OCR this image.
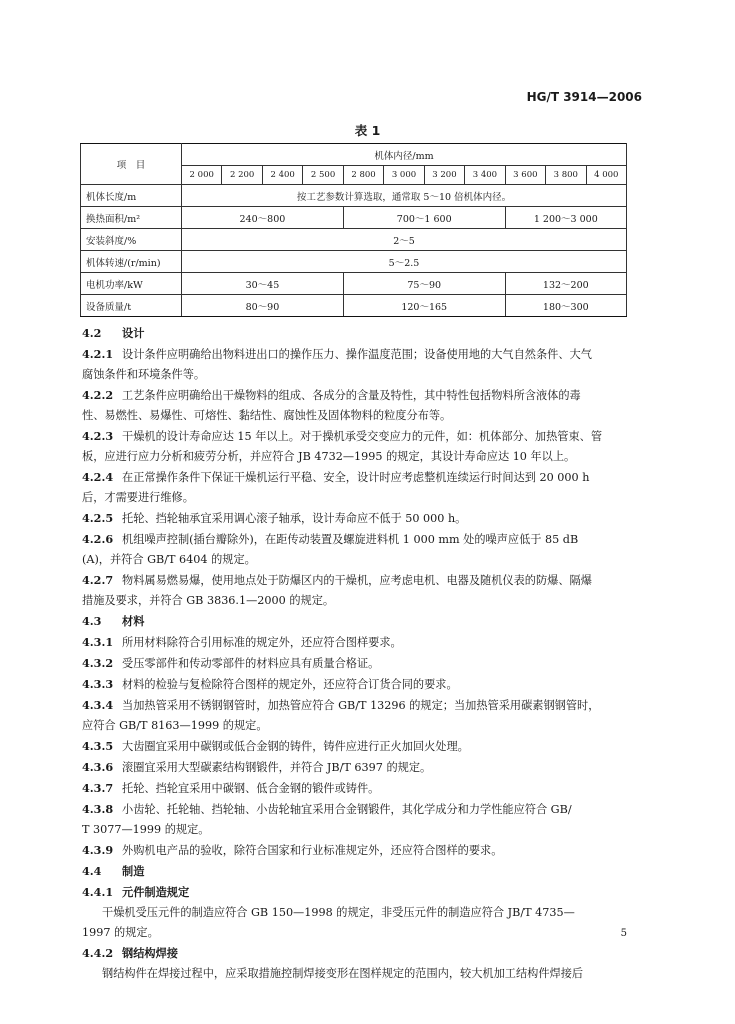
HG/T 3914—2006
表 1
项　目	机体内径/mm										
	2 000	2 200	2 400	2 500	2 800	3 000	3 200	3 400	3 600	3 800	4 000
机体长度/m	按工艺参数计算选取，通常取 5～10 倍机体内径。										
换热面积/m²	240～800				700～1 600				1 200～3 000		
安装斜度/%	2～5										
机体转速/(r/min)	5～2.5										
电机功率/kW	30～45				75～90				132～200		
设备质量/t	80～90				120～165				180～300		

4.2 设计

4.2.1 设计条件应明确给出物料进出口的操作压力、操作温度范围；设备使用地的大气自然条件、大气

腐蚀条件和环境条件等。

4.2.2 工艺条件应明确给出干燥物料的组成、各成分的含量及特性，其中特性包括物料所含液体的毒

性、易燃性、易爆性、可熔性、黏结性、腐蚀性及固体物料的粒度分布等。

4.2.3 干燥机的设计寿命应达 15 年以上。对于操机承受交变应力的元件，如：机体部分、加热管束、管

板，应进行应力分析和疲劳分析，并应符合 JB 4732—1995 的规定，其设计寿命应达 10 年以上。

4.2.4 在正常操作条件下保证干燥机运行平稳、安全，设计时应考虑整机连续运行时间达到 20 000 h

后，才需要进行维修。

4.2.5 托轮、挡轮轴承宜采用调心滚子轴承，设计寿命应不低于 50 000 h。

4.2.6 机组噪声控制(插台瓣除外)，在距传动装置及螺旋进料机 1 000 mm 处的噪声应低于 85 dB

(A)，并符合 GB/T 6404 的规定。

4.2.7 物料属易燃易爆，使用地点处于防爆区内的干燥机，应考虑电机、电器及随机仪表的防爆、隔爆

措施及要求，并符合 GB 3836.1—2000 的规定。

4.3 材料

4.3.1 所用材料除符合引用标准的规定外，还应符合图样要求。

4.3.2 受压零部件和传动零部件的材料应具有质量合格证。

4.3.3 材料的检验与复检除符合图样的规定外，还应符合订货合同的要求。

4.3.4 当加热管采用不锈钢钢管时，加热管应符合 GB/T 13296 的规定；当加热管采用碳素钢钢管时，

应符合 GB/T 8163—1999 的规定。

4.3.5 大齿圈宜采用中碳钢或低合金钢的铸件，铸件应进行正火加回火处理。

4.3.6 滚圈宜采用大型碳素结构钢锻件，并符合 JB/T 6397 的规定。

4.3.7 托轮、挡轮宜采用中碳钢、低合金钢的锻件或铸件。

4.3.8 小齿轮、托轮轴、挡轮轴、小齿轮轴宜采用合金钢锻件，其化学成分和力学性能应符合 GB/

T 3077—1999 的规定。

4.3.9 外购机电产品的验收，除符合国家和行业标准规定外，还应符合图样的要求。

4.4 制造

4.4.1 元件制造规定

干燥机受压元件的制造应符合 GB 150—1998 的规定，非受压元件的制造应符合 JB/T 4735—

1997 的规定。

4.4.2 钢结构焊接

钢结构件在焊接过程中，应采取措施控制焊接变形在图样规定的范围内，较大机加工结构件焊接后

5
